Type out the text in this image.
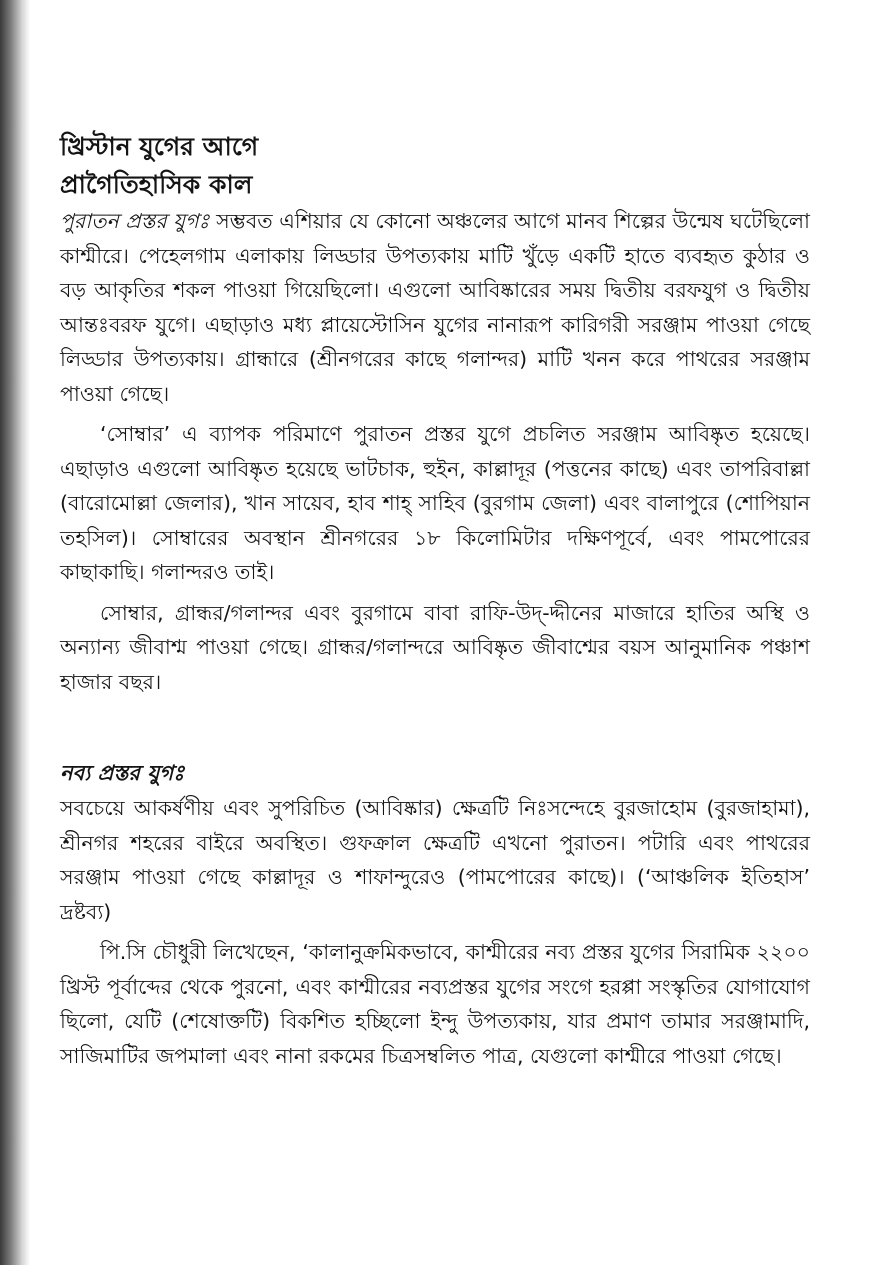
খ্রিস্টান যুগের আগে
প্রাগৈতিহাসিক কাল

পুরাতন প্রস্তর যুগঃ সম্ভবত এশিয়ার যে কোনো অঞ্চলের আগে মানব শিল্পের উন্মেষ ঘটেছিলো কাশ্মীরে। পেহেলগাম এলাকায় লিড্ডার উপত্যকায় মাটি খুঁড়ে একটি হাতে ব্যবহৃত কুঠার ও বড় আকৃতির শকল পাওয়া গিয়েছিলো। এগুলো আবিষ্কারের সময় দ্বিতীয় বরফযুগ ও দ্বিতীয় আন্তঃবরফ যুগে। এছাড়াও মধ্য প্লায়েস্টোসিন যুগের নানারূপ কারিগরী সরঞ্জাম পাওয়া গেছে লিড্ডার উপত্যকায়। গ্রান্ধারে (শ্রীনগরের কাছে গলান্দর) মাটি খনন করে পাথরের সরঞ্জাম পাওয়া গেছে।

‘সোম্বার’ এ ব্যাপক পরিমাণে পুরাতন প্রস্তর যুগে প্রচলিত সরঞ্জাম আবিষ্কৃত হয়েছে। এছাড়াও এগুলো আবিষ্কৃত হয়েছে ভাটচাক, হুইন, কাল্লাদূর (পত্তনের কাছে) এবং তাপরিবাল্লা (বারোমোল্লা জেলার), খান সায়েব, হাব শাহ্ সাহিব (বুরগাম জেলা) এবং বালাপুরে (শোপিয়ান তহসিল)। সোম্বারের অবস্থান শ্রীনগরের ১৮ কিলোমিটার দক্ষিণপূর্বে, এবং পামপোরের কাছাকাছি। গলান্দরও তাই।

সোম্বার, গ্রান্ধর/গলান্দর এবং বুরগামে বাবা রাফি-উদ্-দ্দীনের মাজারে হাতির অস্থি ও অন্যান্য জীবাশ্ম পাওয়া গেছে। গ্রান্ধর/গলান্দরে আবিষ্কৃত জীবাশ্মের বয়স আনুমানিক পঞ্চাশ হাজার বছর।

নব্য প্রস্তর যুগঃ

সবচেয়ে আকর্ষণীয় এবং সুপরিচিত (আবিষ্কার) ক্ষেত্রটি নিঃসন্দেহে বুরজাহোম (বুরজাহামা), শ্রীনগর শহরের বাইরে অবস্থিত। গুফক্রাল ক্ষেত্রটি এখনো পুরাতন। পটারি এবং পাথরের সরঞ্জাম পাওয়া গেছে কাল্লাদূর ও শাফান্দুরেও (পামপোরের কাছে)। (‘আঞ্চলিক ইতিহাস’ দ্রষ্টব্য)

পি.সি চৌধুরী লিখেছেন, ‘কালানুক্রমিকভাবে, কাশ্মীরের নব্য প্রস্তর যুগের সিরামিক ২২০০ খ্রিস্ট পূর্বাব্দের থেকে পুরনো, এবং কাশ্মীরের নব্যপ্রস্তর যুগের সংগে হরপ্পা সংস্কৃতির যোগাযোগ ছিলো, যেটি (শেষোক্তটি) বিকশিত হচ্ছিলো ইন্দু উপত্যকায়, যার প্রমাণ তামার সরঞ্জামাদি, সাজিমাটির জপমালা এবং নানা রকমের চিত্রসম্বলিত পাত্র, যেগুলো কাশ্মীরে পাওয়া গেছে।
